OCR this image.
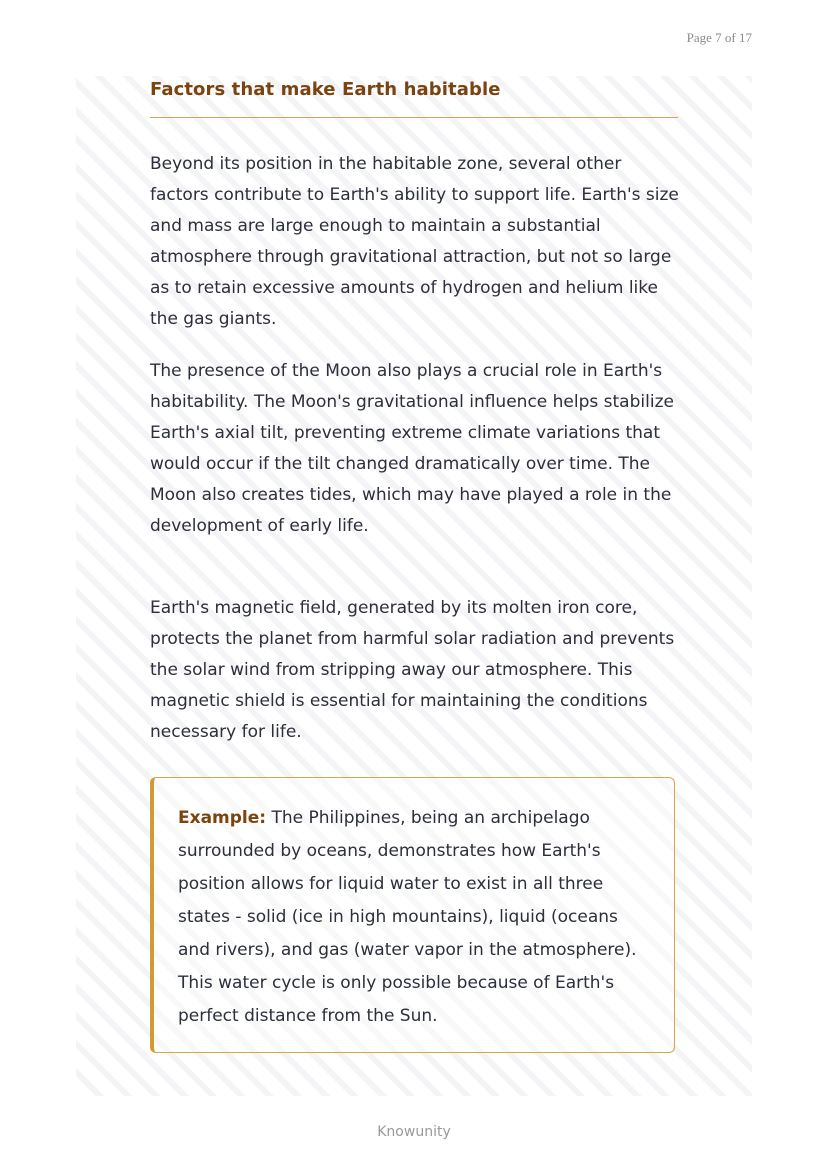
Page 7 of 17
Factors that make Earth habitable

Beyond its position in the habitable zone, several other factors contribute to Earth's ability to support life. Earth's size and mass are large enough to maintain a substantial atmosphere through gravitational attraction, but not so large as to retain excessive amounts of hydrogen and helium like the gas giants.

The presence of the Moon also plays a crucial role in Earth's habitability. The Moon's gravitational influence helps stabilize Earth's axial tilt, preventing extreme climate variations that would occur if the tilt changed dramatically over time. The Moon also creates tides, which may have played a role in the development of early life.

Earth's magnetic field, generated by its molten iron core, protects the planet from harmful solar radiation and prevents the solar wind from stripping away our atmosphere. This magnetic shield is essential for maintaining the conditions necessary for life.

Example: The Philippines, being an archipelago surrounded by oceans, demonstrates how Earth's position allows for liquid water to exist in all three states - solid (ice in high mountains), liquid (oceans and rivers), and gas (water vapor in the atmosphere). This water cycle is only possible because of Earth's perfect distance from the Sun.

Knowunity
